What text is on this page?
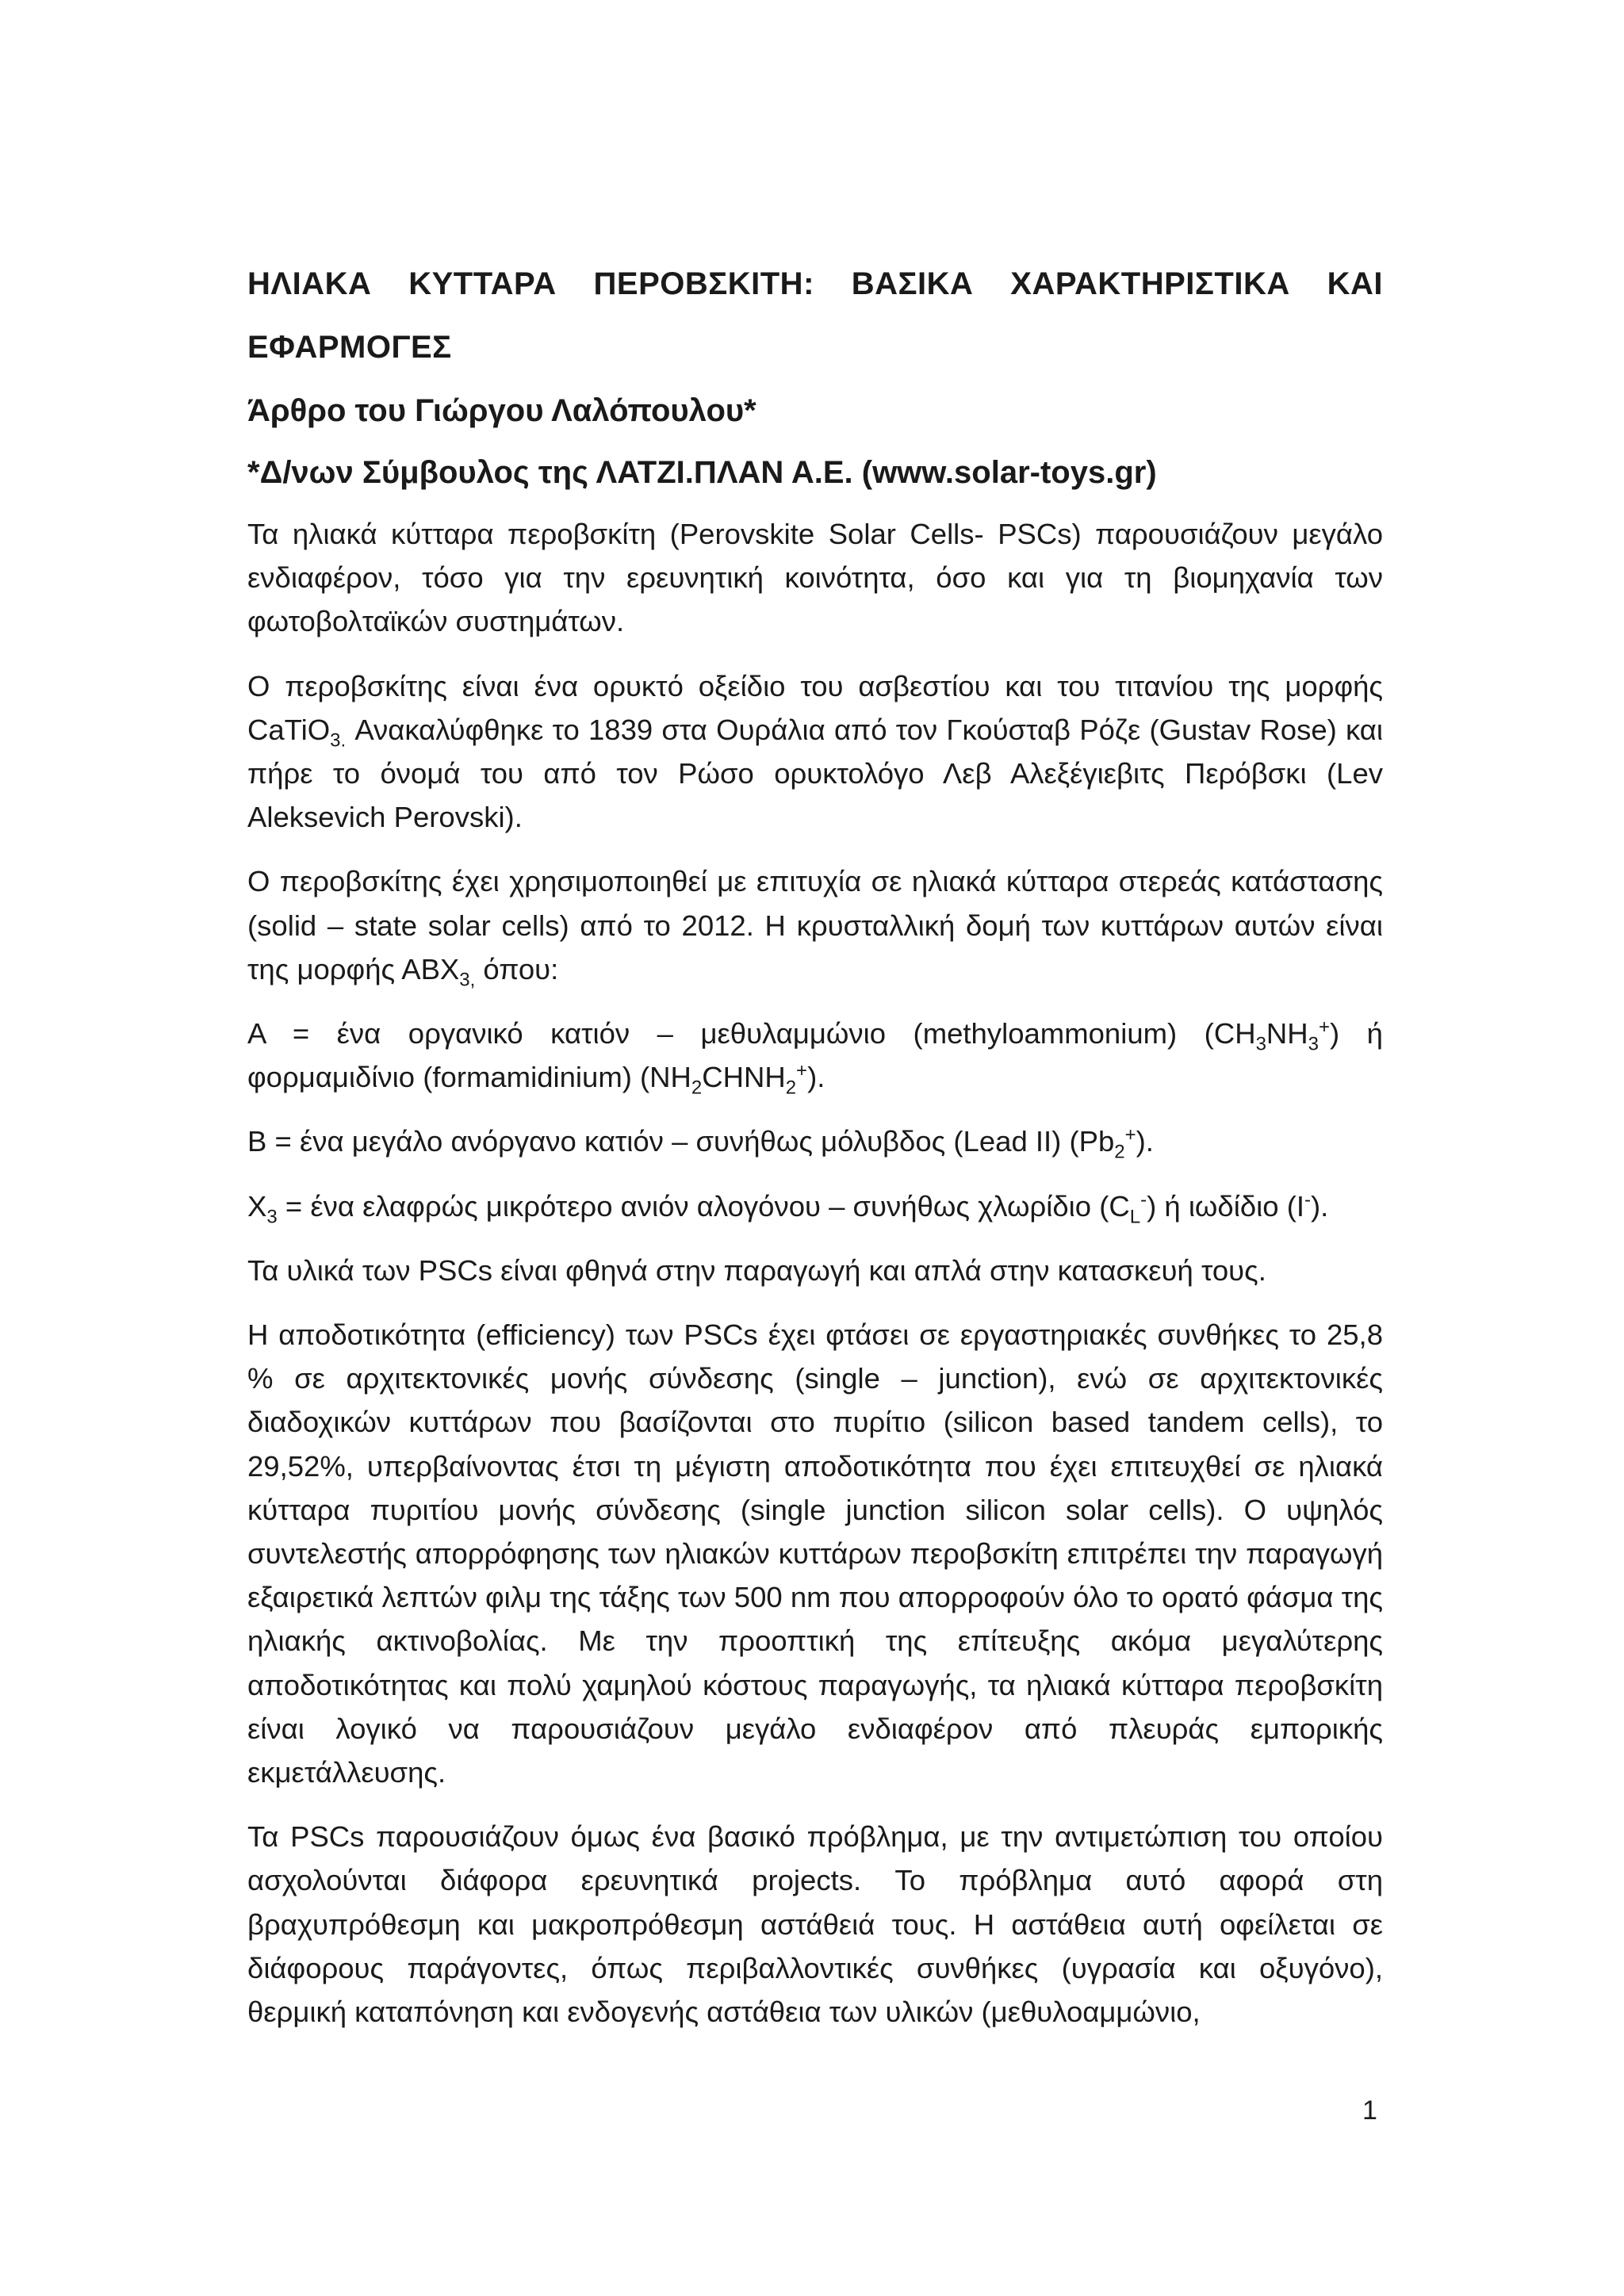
ΗΛΙΑΚΑ ΚΥΤΤΑΡΑ ΠΕΡΟΒΣΚΙΤΗ: ΒΑΣΙΚΑ ΧΑΡΑΚΤΗΡΙΣΤΙΚΑ ΚΑΙ ΕΦΑΡΜΟΓΕΣ
Άρθρο του Γιώργου Λαλόπουλου*
*Δ/νων Σύμβουλος της ΛΑΤΖΙ.ΠΛΑΝ Α.Ε. (www.solar-toys.gr)

Τα ηλιακά κύτταρα περοβσκίτη (Perovskite Solar Cells- PSCs) παρουσιάζουν μεγάλο ενδιαφέρον, τόσο για την ερευνητική κοινότητα, όσο και για τη βιομηχανία των φωτοβολταϊκών συστημάτων.

Ο περοβσκίτης είναι ένα ορυκτό οξείδιο του ασβεστίου και του τιτανίου της μορφής CaTiO$_{3.}$ Ανακαλύφθηκε το 1839 στα Ουράλια από τον Γκούσταβ Ρόζε (Gustav Rose) και πήρε το όνομά του από τον Ρώσο ορυκτολόγο Λεβ Αλεξέγιεβιτς Περόβσκι (Lev Aleksevich Perovski).

Ο περοβσκίτης έχει χρησιμοποιηθεί με επιτυχία σε ηλιακά κύτταρα στερεάς κατάστασης (solid – state solar cells) από το 2012. Η κρυσταλλική δομή των κυττάρων αυτών είναι της μορφής $ABX_{3,}$ όπου:

Α = ένα οργανικό κατιόν – μεθυλαμμώνιο (methyloammonium) $(CH_3NH_3^+)$ ή φορμαμιδίνιο (formamidinium) $(NH_2CHNH_2^+)$.

Β = ένα μεγάλο ανόργανο κατιόν – συνήθως μόλυβδος (Lead II) $(Pb_2^+)$.

$X_3 = έ\nu\alpha$ ελαφρώς μικρότερο ανιόν αλογόνου – συνήθως χλωρίδιο $(C_L^-)$ ή ιωδίδιο (I-).

Τα υλικά των PSCs είναι φθηνά στην παραγωγή και απλά στην κατασκευή τους.

Η αποδοτικότητα (efficiency) των PSCs έχει φτάσει σε εργαστηριακές συνθήκες το 25,8 % σε αρχιτεκτονικές μονής σύνδεσης (single – junction), ενώ σε αρχιτεκτονικές διαδοχικών κυττάρων που βασίζονται στο πυρίτιο (silicon based tandem cells), το 29,52%, υπερβαίνοντας έτσι τη μέγιστη αποδοτικότητα που έχει επιτευχθεί σε ηλιακά κύτταρα πυριτίου μονής σύνδεσης (single junction silicon solar cells). Ο υψηλός συντελεστής απορρόφησης των ηλιακών κυττάρων περοβσκίτη επιτρέπει την παραγωγή εξαιρετικά λεπτών φιλμ της τάξης των 500 nm που απορροφούν όλο το ορατό φάσμα της ηλιακής ακτινοβολίας. Με την προοπτική της επίτευξης ακόμα μεγαλύτερης αποδοτικότητας και πολύ χαμηλού κόστους παραγωγής, τα ηλιακά κύτταρα περοβσκίτη είναι λογικό να παρουσιάζουν μεγάλο ενδιαφέρον από πλευράς εμπορικής εκμετάλλευσης.

Τα PSCs παρουσιάζουν όμως ένα βασικό πρόβλημα, με την αντιμετώπιση του οποίου ασχολούνται διάφορα ερευνητικά projects. Το πρόβλημα αυτό αφορά στη βραχυπρόθεσμη και μακροπρόθεσμη αστάθειά τους. Η αστάθεια αυτή οφείλεται σε διάφορους παράγοντες, όπως περιβαλλοντικές συνθήκες (υγρασία και οξυγόνο), θερμική καταπόνηση και ενδογενής αστάθεια των υλικών (μεθυλοαμμώνιο,

1
